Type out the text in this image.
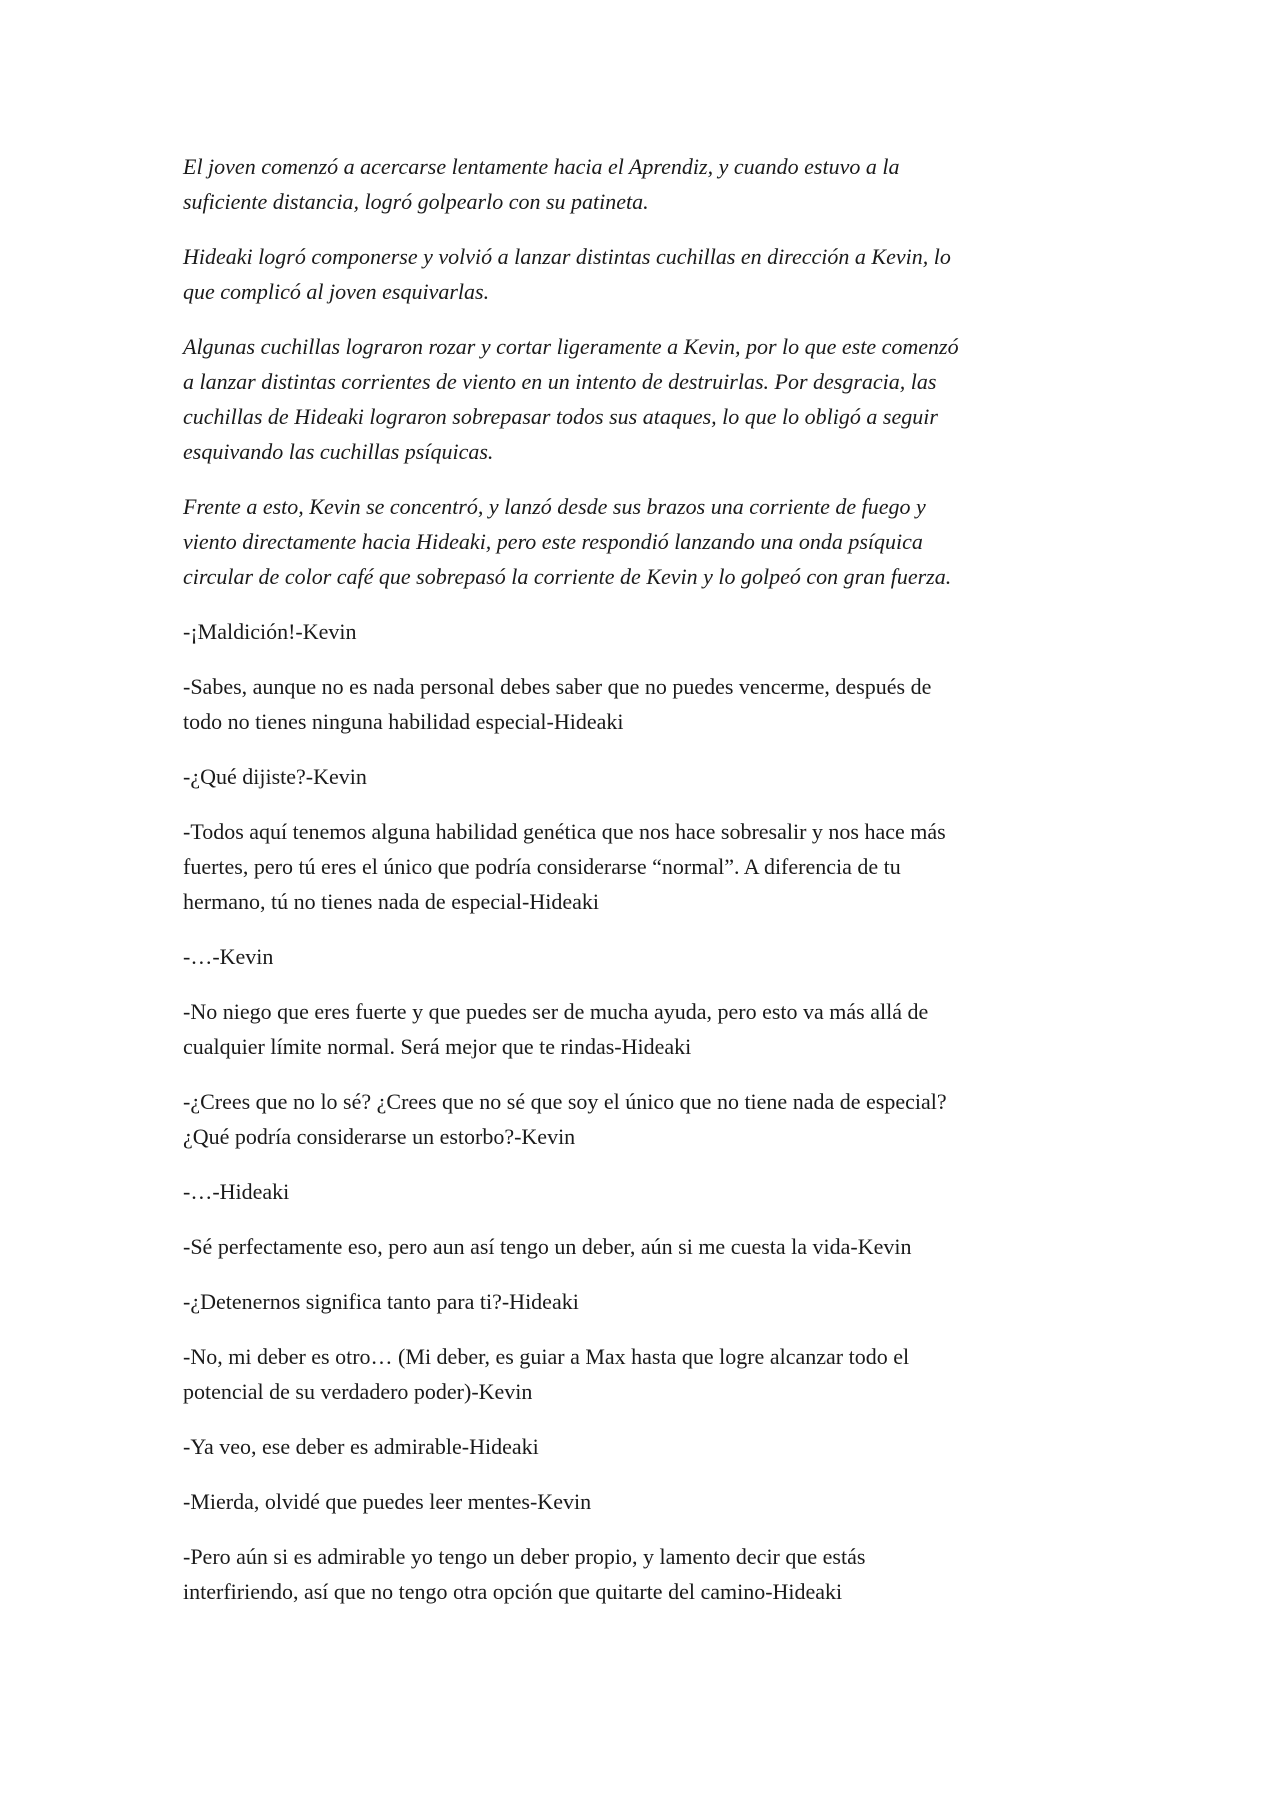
El joven comenzó a acercarse lentamente hacia el Aprendiz, y cuando estuvo a la
suficiente distancia, logró golpearlo con su patineta.

Hideaki logró componerse y volvió a lanzar distintas cuchillas en dirección a Kevin, lo
que complicó al joven esquivarlas.

Algunas cuchillas lograron rozar y cortar ligeramente a Kevin, por lo que este comenzó
a lanzar distintas corrientes de viento en un intento de destruirlas. Por desgracia, las
cuchillas de Hideaki lograron sobrepasar todos sus ataques, lo que lo obligó a seguir
esquivando las cuchillas psíquicas.

Frente a esto, Kevin se concentró, y lanzó desde sus brazos una corriente de fuego y
viento directamente hacia Hideaki, pero este respondió lanzando una onda psíquica
circular de color café que sobrepasó la corriente de Kevin y lo golpeó con gran fuerza.

-¡Maldición!-Kevin

-Sabes, aunque no es nada personal debes saber que no puedes vencerme, después de
todo no tienes ninguna habilidad especial-Hideaki

-¿Qué dijiste?-Kevin

-Todos aquí tenemos alguna habilidad genética que nos hace sobresalir y nos hace más
fuertes, pero tú eres el único que podría considerarse “normal”. A diferencia de tu
hermano, tú no tienes nada de especial-Hideaki

-…-Kevin

-No niego que eres fuerte y que puedes ser de mucha ayuda, pero esto va más allá de
cualquier límite normal. Será mejor que te rindas-Hideaki

-¿Crees que no lo sé? ¿Crees que no sé que soy el único que no tiene nada de especial?
¿Qué podría considerarse un estorbo?-Kevin

-…-Hideaki

-Sé perfectamente eso, pero aun así tengo un deber, aún si me cuesta la vida-Kevin

-¿Detenernos significa tanto para ti?-Hideaki

-No, mi deber es otro… (Mi deber, es guiar a Max hasta que logre alcanzar todo el
potencial de su verdadero poder)-Kevin

-Ya veo, ese deber es admirable-Hideaki

-Mierda, olvidé que puedes leer mentes-Kevin

-Pero aún si es admirable yo tengo un deber propio, y lamento decir que estás
interfiriendo, así que no tengo otra opción que quitarte del camino-Hideaki
